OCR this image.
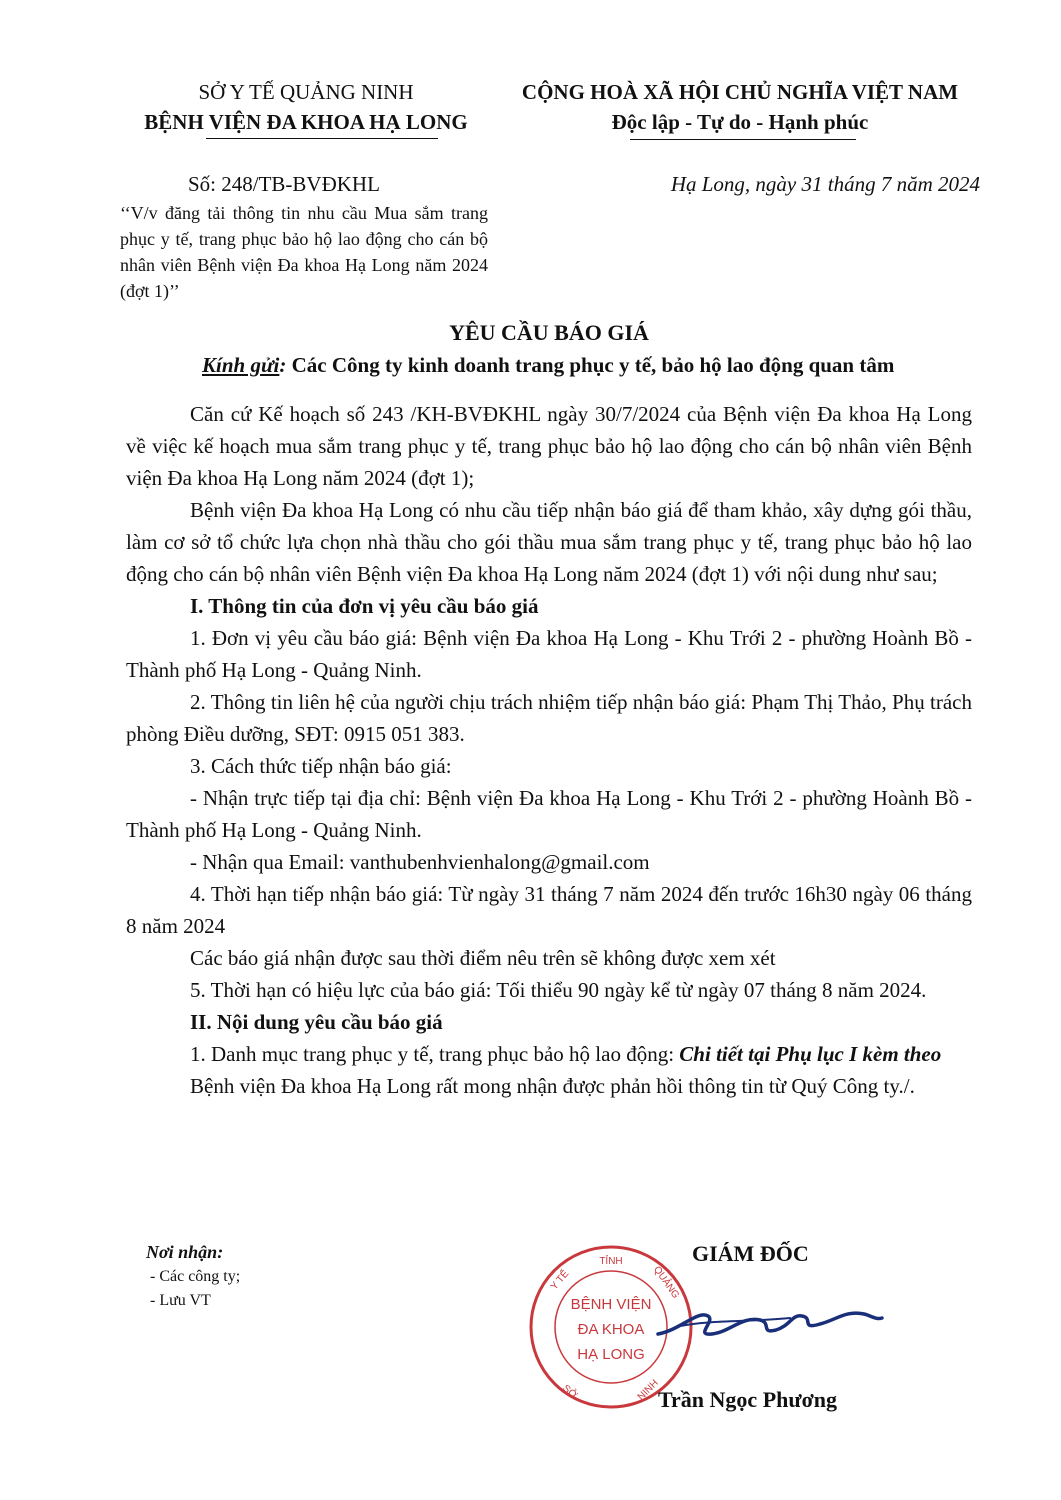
SỞ Y TẾ QUẢNG NINH
BỆNH VIỆN ĐA KHOA HẠ LONG
CỘNG HOÀ XÃ HỘI CHỦ NGHĨA VIỆT NAM
Độc lập - Tự do - Hạnh phúc
Số: 248/TB-BVĐKHL	Hạ Long, ngày 31 tháng 7 năm 2024
‘‘V/v đăng tải thông tin nhu cầu Mua sắm trang phục y tế, trang phục bảo hộ lao động cho cán bộ nhân viên Bệnh viện Đa khoa Hạ Long năm 2024 (đợt 1)’’
YÊU CẦU BÁO GIÁ
Kính gửi: Các Công ty kinh doanh trang phục y tế, bảo hộ lao động quan tâm

Căn cứ Kế hoạch số 243 /KH-BVĐKHL ngày 30/7/2024 của Bệnh viện Đa khoa Hạ Long về việc kế hoạch mua sắm trang phục y tế, trang phục bảo hộ lao động cho cán bộ nhân viên Bệnh viện Đa khoa Hạ Long năm 2024 (đợt 1);

Bệnh viện Đa khoa Hạ Long có nhu cầu tiếp nhận báo giá để tham khảo, xây dựng gói thầu, làm cơ sở tổ chức lựa chọn nhà thầu cho gói thầu mua sắm trang phục y tế, trang phục bảo hộ lao động cho cán bộ nhân viên Bệnh viện Đa khoa Hạ Long năm 2024 (đợt 1) với nội dung như sau;

I. Thông tin của đơn vị yêu cầu báo giá

1. Đơn vị yêu cầu báo giá: Bệnh viện Đa khoa Hạ Long - Khu Trới 2 - phường Hoành Bồ - Thành phố Hạ Long - Quảng Ninh.

2. Thông tin liên hệ của người chịu trách nhiệm tiếp nhận báo giá: Phạm Thị Thảo, Phụ trách phòng Điều dưỡng, SĐT: 0915 051 383.

3. Cách thức tiếp nhận báo giá:

- Nhận trực tiếp tại địa chỉ: Bệnh viện Đa khoa Hạ Long - Khu Trới 2 - phường Hoành Bồ - Thành phố Hạ Long - Quảng Ninh.

- Nhận qua Email: vanthubenhvienhalong@gmail.com

4. Thời hạn tiếp nhận báo giá: Từ ngày 31 tháng 7 năm 2024 đến trước 16h30 ngày 06 tháng 8 năm 2024

Các báo giá nhận được sau thời điểm nêu trên sẽ không được xem xét

5. Thời hạn có hiệu lực của báo giá: Tối thiểu 90 ngày kể từ ngày 07 tháng 8 năm 2024.

II. Nội dung yêu cầu báo giá

1. Danh mục trang phục y tế, trang phục bảo hộ lao động: Chi tiết tại Phụ lục I kèm theo

Bệnh viện Đa khoa Hạ Long rất mong nhận được phản hồi thông tin từ Quý Công ty./.

Nơi nhận:
- Các công ty;
- Lưu VT
GIÁM ĐỐC
TỈNH
Y TẾ	QUẢNG
NINH
SỞ
BỆNH VIỆN
ĐA KHOA
HẠ LONG
Trần Ngọc Phương
